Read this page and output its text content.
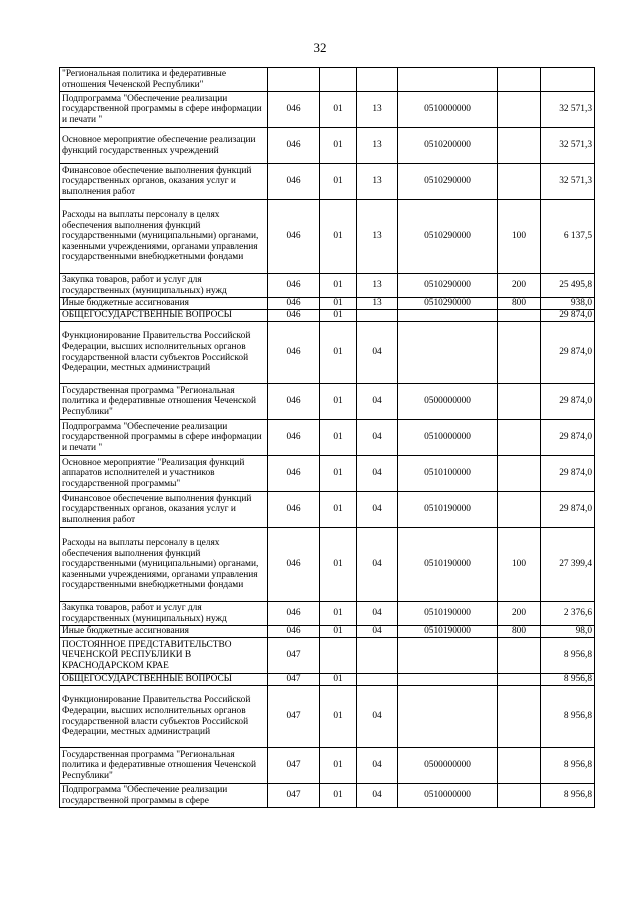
32
"Региональная политика и федеративные отношения Чеченской Республики"						
Подпрограмма "Обеспечение реализации государственной программы в сфере информации и печати "	046	01	13	0510000000		32 571,3
Основное мероприятие обеспечение реализации функций государственных учреждений	046	01	13	0510200000		32 571,3
Финансовое обеспечение выполнения функций государственных органов, оказания услуг и выполнения работ	046	01	13	0510290000		32 571,3
Расходы на выплаты персоналу в целях обеспечения выполнения функций государственными (муниципальными) органами, казенными учреждениями, органами управления государственными внебюджетными фондами	046	01	13	0510290000	100	6 137,5
Закупка товаров, работ и услуг для государственных (муниципальных) нужд	046	01	13	0510290000	200	25 495,8
Иные бюджетные ассигнования	046	01	13	0510290000	800	938,0
ОБЩЕГОСУДАРСТВЕННЫЕ ВОПРОСЫ	046	01				29 874,0
Функционирование Правительства Российской Федерации, высших исполнительных органов государственной власти субъектов Российской Федерации, местных администраций	046	01	04			29 874,0
Государственная программа "Региональная политика и федеративные отношения Чеченской Республики"	046	01	04	0500000000		29 874,0
Подпрограмма "Обеспечение реализации государственной программы в сфере информации и печати "	046	01	04	0510000000		29 874,0
Основное мероприятие "Реализация функций аппаратов исполнителей и участников государственной программы"	046	01	04	0510100000		29 874,0
Финансовое обеспечение выполнения функций государственных органов, оказания услуг и выполнения работ	046	01	04	0510190000		29 874,0
Расходы на выплаты персоналу в целях обеспечения выполнения функций государственными (муниципальными) органами, казенными учреждениями, органами управления государственными внебюджетными фондами	046	01	04	0510190000	100	27 399,4
Закупка товаров, работ и услуг для государственных (муниципальных) нужд	046	01	04	0510190000	200	2 376,6
Иные бюджетные ассигнования	046	01	04	0510190000	800	98,0
ПОСТОЯННОЕ ПРЕДСТАВИТЕЛЬСТВО ЧЕЧЕНСКОЙ РЕСПУБЛИКИ В КРАСНОДАРСКОМ КРАЕ	047					8 956,8
ОБЩЕГОСУДАРСТВЕННЫЕ ВОПРОСЫ	047	01				8 956,8
Функционирование Правительства Российской Федерации, высших исполнительных органов государственной власти субъектов Российской Федерации, местных администраций	047	01	04			8 956,8
Государственная программа "Региональная политика и федеративные отношения Чеченской Республики"	047	01	04	0500000000		8 956,8
Подпрограмма "Обеспечение реализации государственной программы в сфере	047	01	04	0510000000		8 956,8
